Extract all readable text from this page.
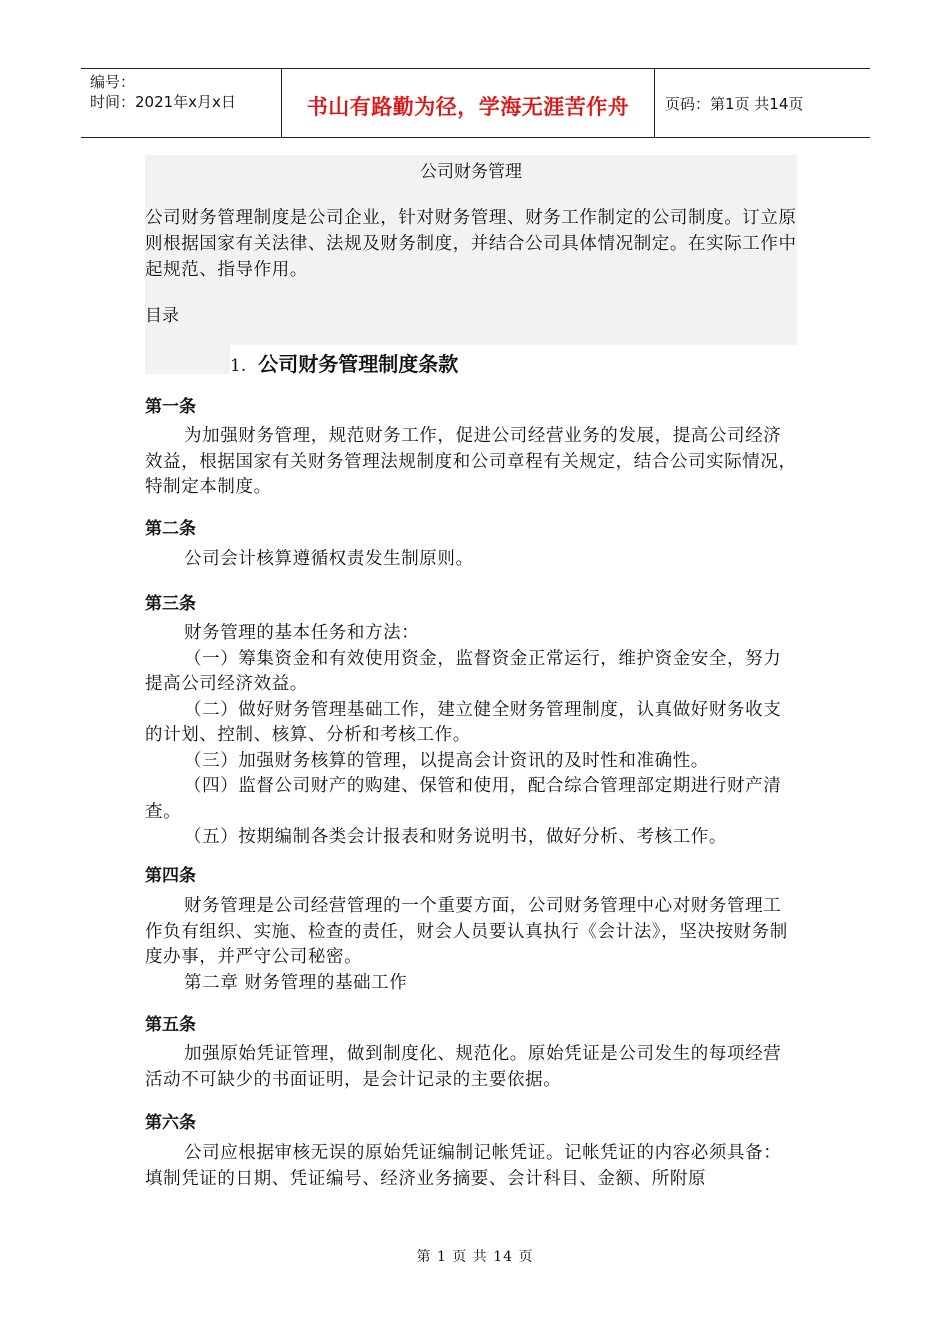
编号：
时间：2021年x月x日	书山有路勤为径，学海无涯苦作舟	页码：第1页 共14页
公司财务管理

公司财务管理制度是公司企业，针对财务管理、财务工作制定的公司制度。订立原则根据国家有关法律、法规及财务制度，并结合公司具体情况制定。在实际工作中起规范、指导作用。

目录
1. 公司财务管理制度条款
第一条

为加强财务管理，规范财务工作，促进公司经营业务的发展，提高公司经济效益，根据国家有关财务管理法规制度和公司章程有关规定，结合公司实际情况，特制定本制度。

第二条

公司会计核算遵循权责发生制原则。

第三条

财务管理的基本任务和方法：

（一）筹集资金和有效使用资金，监督资金正常运行，维护资金安全，努力提高公司经济效益。

（二）做好财务管理基础工作，建立健全财务管理制度，认真做好财务收支的计划、控制、核算、分析和考核工作。

（三）加强财务核算的管理，以提高会计资讯的及时性和准确性。

（四）监督公司财产的购建、保管和使用，配合综合管理部定期进行财产清查。

（五）按期编制各类会计报表和财务说明书，做好分析、考核工作。

第四条

财务管理是公司经营管理的一个重要方面，公司财务管理中心对财务管理工作负有组织、实施、检查的责任，财会人员要认真执行《会计法》，坚决按财务制度办事，并严守公司秘密。

第二章 财务管理的基础工作

第五条

加强原始凭证管理，做到制度化、规范化。原始凭证是公司发生的每项经营活动不可缺少的书面证明，是会计记录的主要依据。

第六条

公司应根据审核无误的原始凭证编制记帐凭证。记帐凭证的内容必须具备：填制凭证的日期、凭证编号、经济业务摘要、会计科目、金额、所附原

第 1 页 共 14 页
